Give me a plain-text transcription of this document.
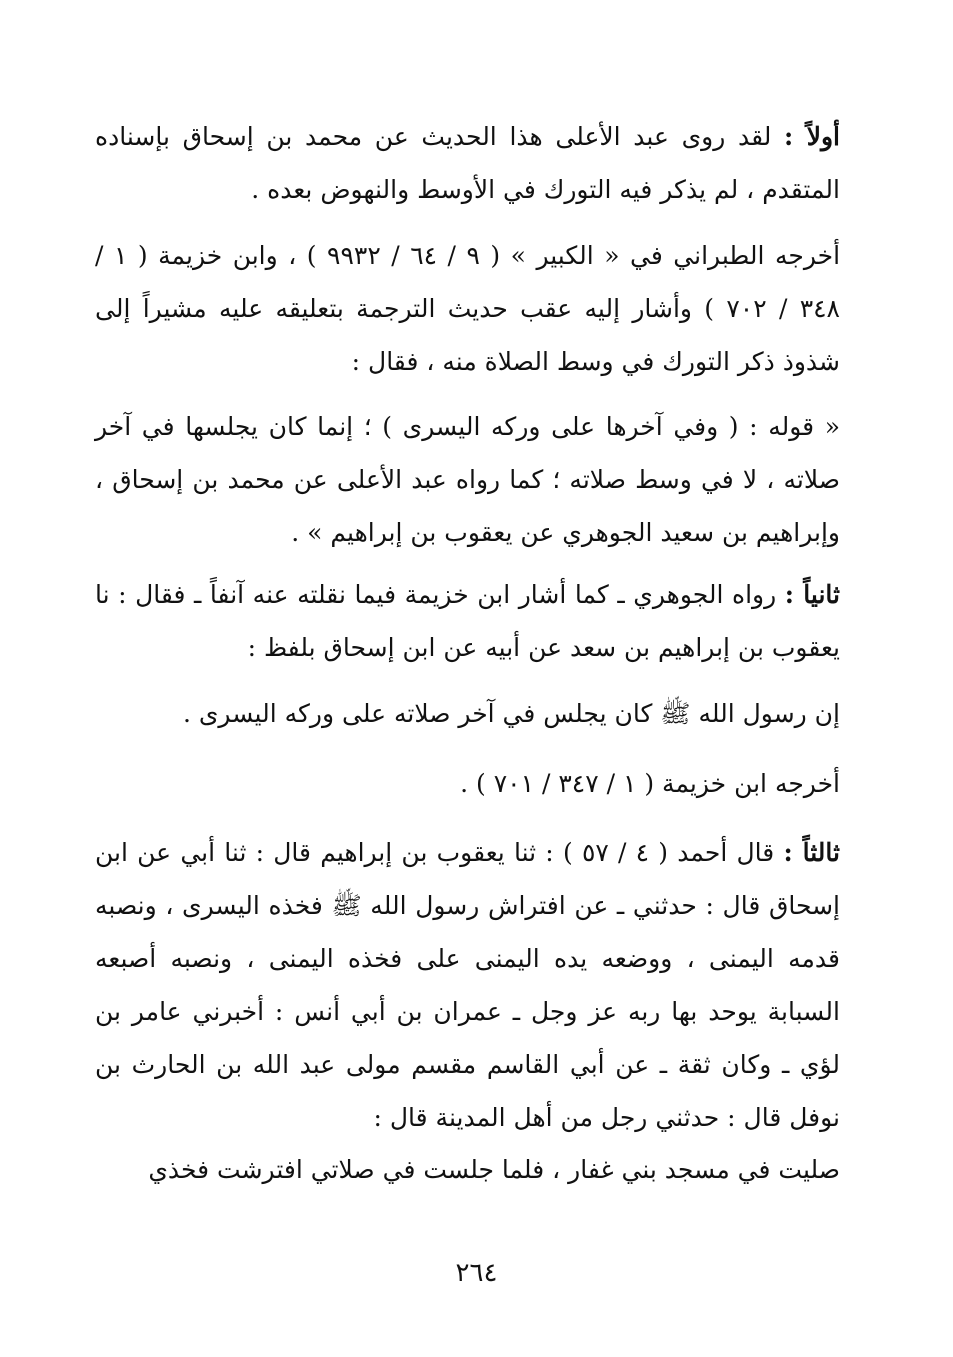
أولاً : لقد روى عبد الأعلى هذا الحديث عن محمد بن إسحاق بإسناده المتقدم ، لم يذكر فيه التورك في الأوسط والنهوض بعده .

أخرجه الطبراني في « الكبير » ( ٩ / ٦٤ / ٩٩٣٢ ) ، وابن خزيمة ( ١ / ٣٤٨ / ٧٠٢ ) وأشار إليه عقب حديث الترجمة بتعليقه عليه مشيراً إلى شذوذ ذكر التورك في وسط الصلاة منه ، فقال :

« قوله : ( وفي آخرها على وركه اليسرى ) ؛ إنما كان يجلسها في آخر صلاته ، لا في وسط صلاته ؛ كما رواه عبد الأعلى عن محمد بن إسحاق ، وإبراهيم بن سعيد الجوهري عن يعقوب بن إبراهيم » .

ثانياً : رواه الجوهري ـ كما أشار ابن خزيمة فيما نقلته عنه آنفاً ـ فقال : نا يعقوب بن إبراهيم بن سعد عن أبيه عن ابن إسحاق بلفظ :

إن رسول الله ﷺ كان يجلس في آخر صلاته على وركه اليسرى .
أخرجه ابن خزيمة ( ١ / ٣٤٧ / ٧٠١ ) .

ثالثاً : قال أحمد ( ٤ / ٥٧ ) : ثنا يعقوب بن إبراهيم قال : ثنا أبي عن ابن إسحاق قال : حدثني ـ عن افتراش رسول الله ﷺ فخذه اليسرى ، ونصبه قدمه اليمنى ، ووضعه يده اليمنى على فخذه اليمنى ، ونصبه أصبعه السبابة يوحد بها ربه عز وجل ـ عمران بن أبي أنس : أخبرني عامر بن لؤي ـ وكان ثقة ـ عن أبي القاسم مقسم مولى عبد الله بن الحارث بن نوفل قال : حدثني رجل من أهل المدينة قال :

صليت في مسجد بني غفار ، فلما جلست في صلاتي افترشت فخذي

٢٦٤
